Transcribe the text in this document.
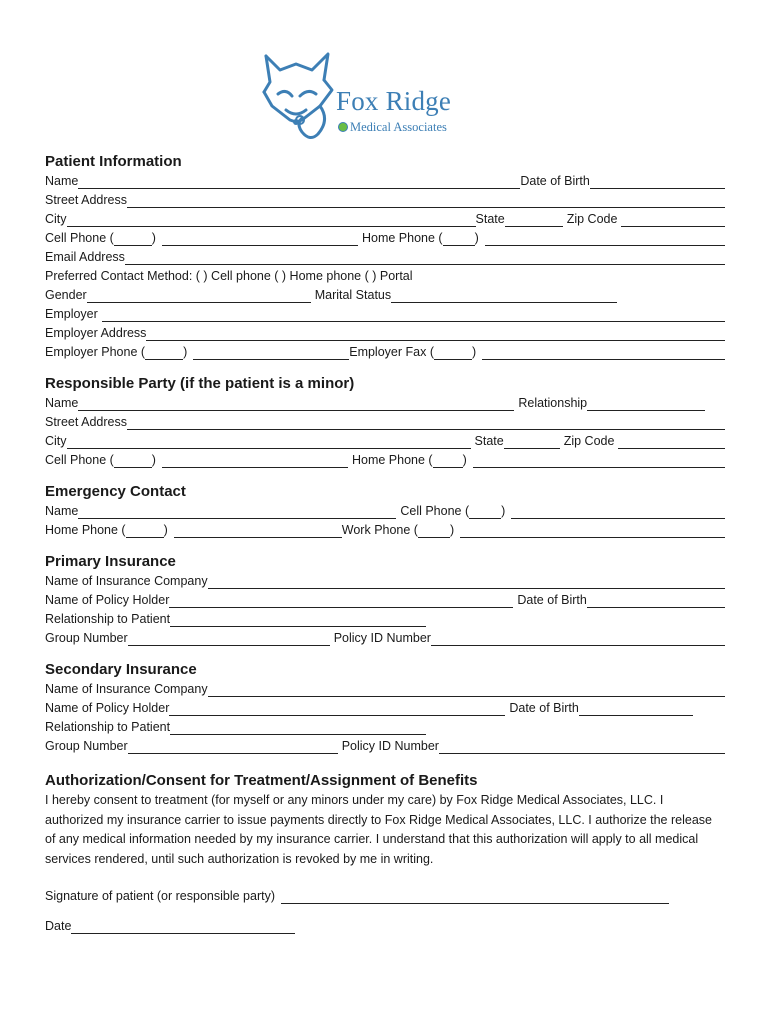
Fox Ridge
Medical Associates
Patient Information
Name	Date of Birth
Street Address
City	State	Zip Code
Cell Phone (	)	Home Phone (	)
Email Address
Preferred Contact Method: ( ) Cell phone ( ) Home phone ( ) Portal
Gender	Marital Status
Employer
Employer Address
Employer Phone (	)	Employer Fax (	)
Responsible Party (if the patient is a minor)
Name	Relationship
Street Address
City	State	Zip Code
Cell Phone (	)	Home Phone ( )
Emergency Contact
Name	Cell Phone (	)
Home Phone (	)	Work Phone (	)
Primary Insurance
Name of Insurance Company
Name of Policy Holder	Date of Birth
Relationship to Patient
Group Number	Policy ID Number
Secondary Insurance
Name of Insurance Company
Name of Policy Holder	Date of Birth
Relationship to Patient
Group Number	Policy ID Number
Authorization/Consent for Treatment/Assignment of Benefits

I hereby consent to treatment (for myself or any minors under my care) by Fox Ridge Medical Associates, LLC. I authorized my insurance carrier to issue payments directly to Fox Ridge Medical Associates, LLC. I authorize the release of any medical information needed by my insurance carrier. I understand that this authorization will apply to all medical services rendered, until such authorization is revoked by me in writing.

Signature of patient (or responsible party)
Date
